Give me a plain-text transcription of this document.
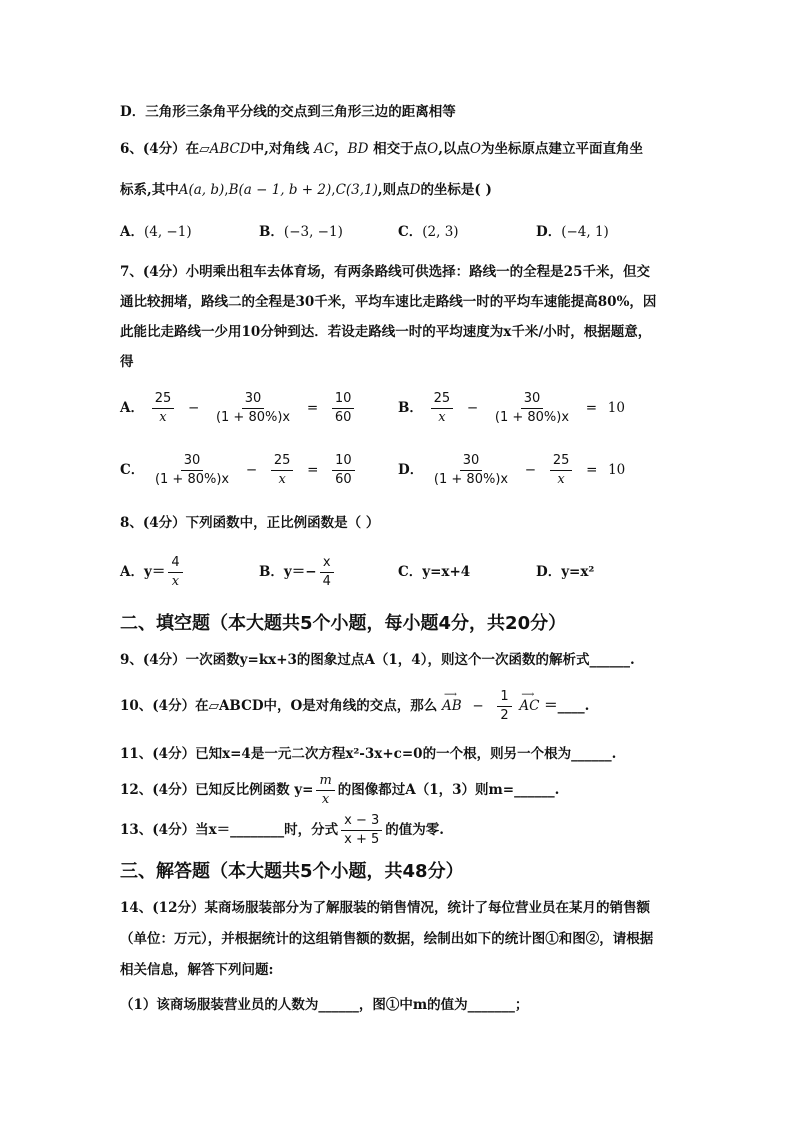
D．三角形三条角平分线的交点到三角形三边的距离相等
6、(4分）在▱ABCD中,对角线 AC，BD 相交于点O,以点O为坐标原点建立平面直角坐
标系,其中A(a, b),B(a − 1, b + 2),C(3,1),则点D的坐标是( )
A．(4, −1)	B．(−3, −1)	C．(2, 3)	D．(−4, 1)
7、(4分）小明乘出租车去体育场，有两条路线可供选择：路线一的全程是25千米，但交
通比较拥堵，路线二的全程是30千米，平均车速比走路线一时的平均车速能提高80%，因
此能比走路线一少用10分钟到达．若设走路线一时的平均速度为x千米/小时，根据题意，
得
A． $\frac{25}{x} - \frac{30}{(1 + 80\%)x} = \frac{10}{60}$	B． $\frac{25}{x} - \frac{30}{(1 + 80\%)x} = 10$
C． $\frac{30}{(1 + 80\%)x} - \frac{25}{x} = \frac{10}{60}$	D． $\frac{30}{(1 + 80\%)x} - \frac{25}{x} = 10$
8、(4分）下列函数中，正比例函数是（ ）
A．$y= \frac{4}{x}$	B．$y=- \frac{x}{4}$	C．y=x+4	D．y=x²
二、填空题（本大题共5个小题，每小题4分，共20分）
9、(4分）一次函数y=kx+3的图象过点A（1，4），则这个一次函数的解析式______.
10、(4分）在▱ABCD中，O是对角线的交点，那么
⟶
AB − $\frac{1}{2}$
⟶
AC ＝____.
11、(4分）已知x=4是一元二次方程x²-3x+c=0的一个根，则另一个根为______.
12、(4分）已知反比例函数 $y= \frac{m}{x}$ 的图像都过A（1，3）则m=______.
13、(4分）当x＝________时，分式 $\frac{x - 3}{x + 5}$ 的值为零.
三、解答题（本大题共5个小题，共48分）
14、(12分）某商场服装部分为了解服装的销售情况，统计了每位营业员在某月的销售额
（单位：万元），并根据统计的这组销售额的数据，绘制出如下的统计图①和图②，请根据
相关信息，解答下列问题:
（1）该商场服装营业员的人数为______，图①中m的值为_______；
